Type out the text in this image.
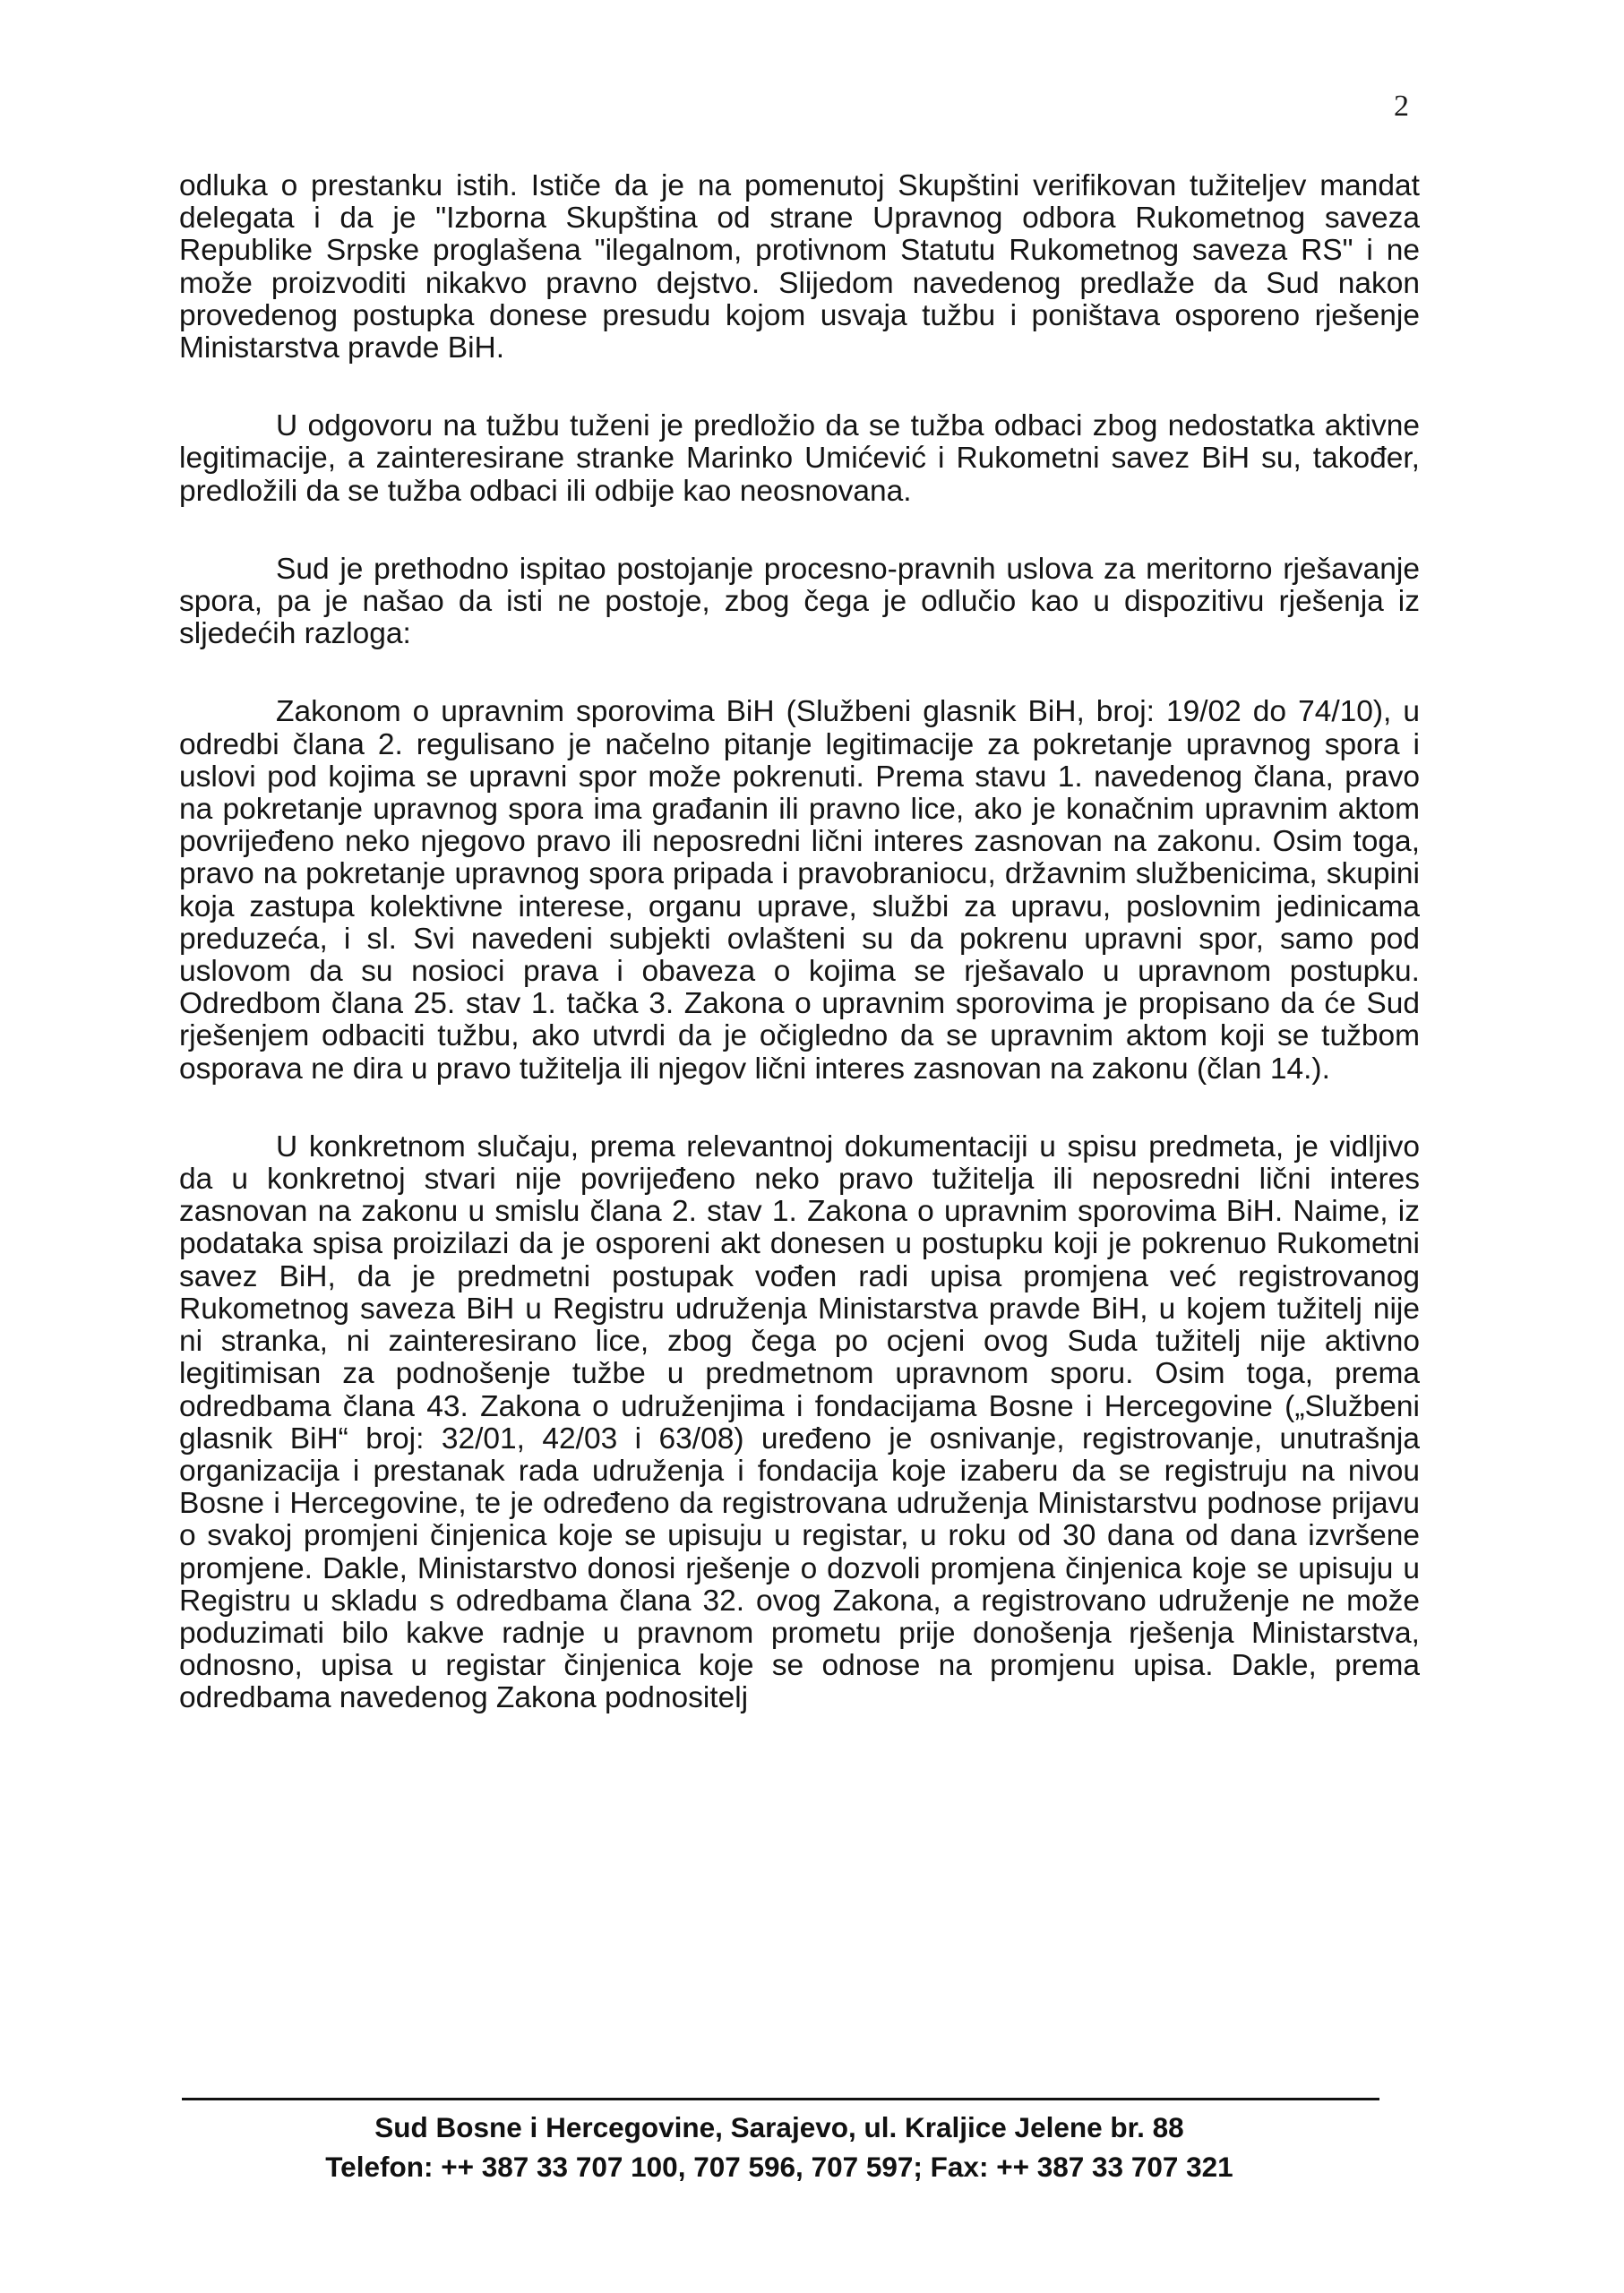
2

odluka o prestanku istih. Ističe da je na pomenutoj Skupštini verifikovan tužiteljev mandat delegata i da je "Izborna Skupština od strane Upravnog odbora Rukometnog saveza Republike Srpske proglašena "ilegalnom, protivnom Statutu Rukometnog saveza RS" i ne može proizvoditi nikakvo pravno dejstvo. Slijedom navedenog predlaže da Sud nakon provedenog postupka donese presudu kojom usvaja tužbu i poništava osporeno rješenje Ministarstva pravde BiH.

U odgovoru na tužbu tuženi je predložio da se tužba odbaci zbog nedostatka aktivne legitimacije, a zainteresirane stranke Marinko Umićević i Rukometni savez BiH su, također, predložili da se tužba odbaci ili odbije kao neosnovana.

Sud je prethodno ispitao postojanje procesno-pravnih uslova za meritorno rješavanje spora, pa je našao da isti ne postoje, zbog čega je odlučio kao u dispozitivu rješenja iz sljedećih razloga:

Zakonom o upravnim sporovima BiH (Službeni glasnik BiH, broj: 19/02 do 74/10), u odredbi člana 2. regulisano je načelno pitanje legitimacije za pokretanje upravnog spora i uslovi pod kojima se upravni spor može pokrenuti. Prema stavu 1. navedenog člana, pravo na pokretanje upravnog spora ima građanin ili pravno lice, ako je konačnim upravnim aktom povrijeđeno neko njegovo pravo ili neposredni lični interes zasnovan na zakonu. Osim toga, pravo na pokretanje upravnog spora pripada i pravobraniocu, državnim službenicima, skupini koja zastupa kolektivne interese, organu uprave, službi za upravu, poslovnim jedinicama preduzeća, i sl. Svi navedeni subjekti ovlašteni su da pokrenu upravni spor, samo pod uslovom da su nosioci prava i obaveza o kojima se rješavalo u upravnom postupku. Odredbom člana 25. stav 1. tačka 3. Zakona o upravnim sporovima je propisano da će Sud rješenjem odbaciti tužbu, ako utvrdi da je očigledno da se upravnim aktom koji se tužbom osporava ne dira u pravo tužitelja ili njegov lični interes zasnovan na zakonu (član 14.).

U konkretnom slučaju, prema relevantnoj dokumentaciji u spisu predmeta, je vidljivo da u konkretnoj stvari nije povrijeđeno neko pravo tužitelja ili neposredni lični interes zasnovan na zakonu u smislu člana 2. stav 1. Zakona o upravnim sporovima BiH. Naime, iz podataka spisa proizilazi da je osporeni akt donesen u postupku koji je pokrenuo Rukometni savez BiH, da je predmetni postupak vođen radi upisa promjena već registrovanog Rukometnog saveza BiH u Registru udruženja Ministarstva pravde BiH, u kojem tužitelj nije ni stranka, ni zainteresirano lice, zbog čega po ocjeni ovog Suda tužitelj nije aktivno legitimisan za podnošenje tužbe u predmetnom upravnom sporu. Osim toga, prema odredbama člana 43. Zakona o udruženjima i fondacijama Bosne i Hercegovine („Službeni glasnik BiH“ broj: 32/01, 42/03 i 63/08) uređeno je osnivanje, registrovanje, unutrašnja organizacija i prestanak rada udruženja i fondacija koje izaberu da se registruju na nivou Bosne i Hercegovine, te je određeno da registrovana udruženja Ministarstvu podnose prijavu o svakoj promjeni činjenica koje se upisuju u registar, u roku od 30 dana od dana izvršene promjene. Dakle, Ministarstvo donosi rješenje o dozvoli promjena činjenica koje se upisuju u Registru u skladu s odredbama člana 32. ovog Zakona, a registrovano udruženje ne može poduzimati bilo kakve radnje u pravnom prometu prije donošenja rješenja Ministarstva, odnosno, upisa u registar činjenica koje se odnose na promjenu upisa. Dakle, prema odredbama navedenog Zakona podnositelj

Sud Bosne i Hercegovine, Sarajevo, ul. Kraljice Jelene br. 88
Telefon: ++ 387 33 707 100, 707 596, 707 597; Fax: ++ 387 33 707 321
